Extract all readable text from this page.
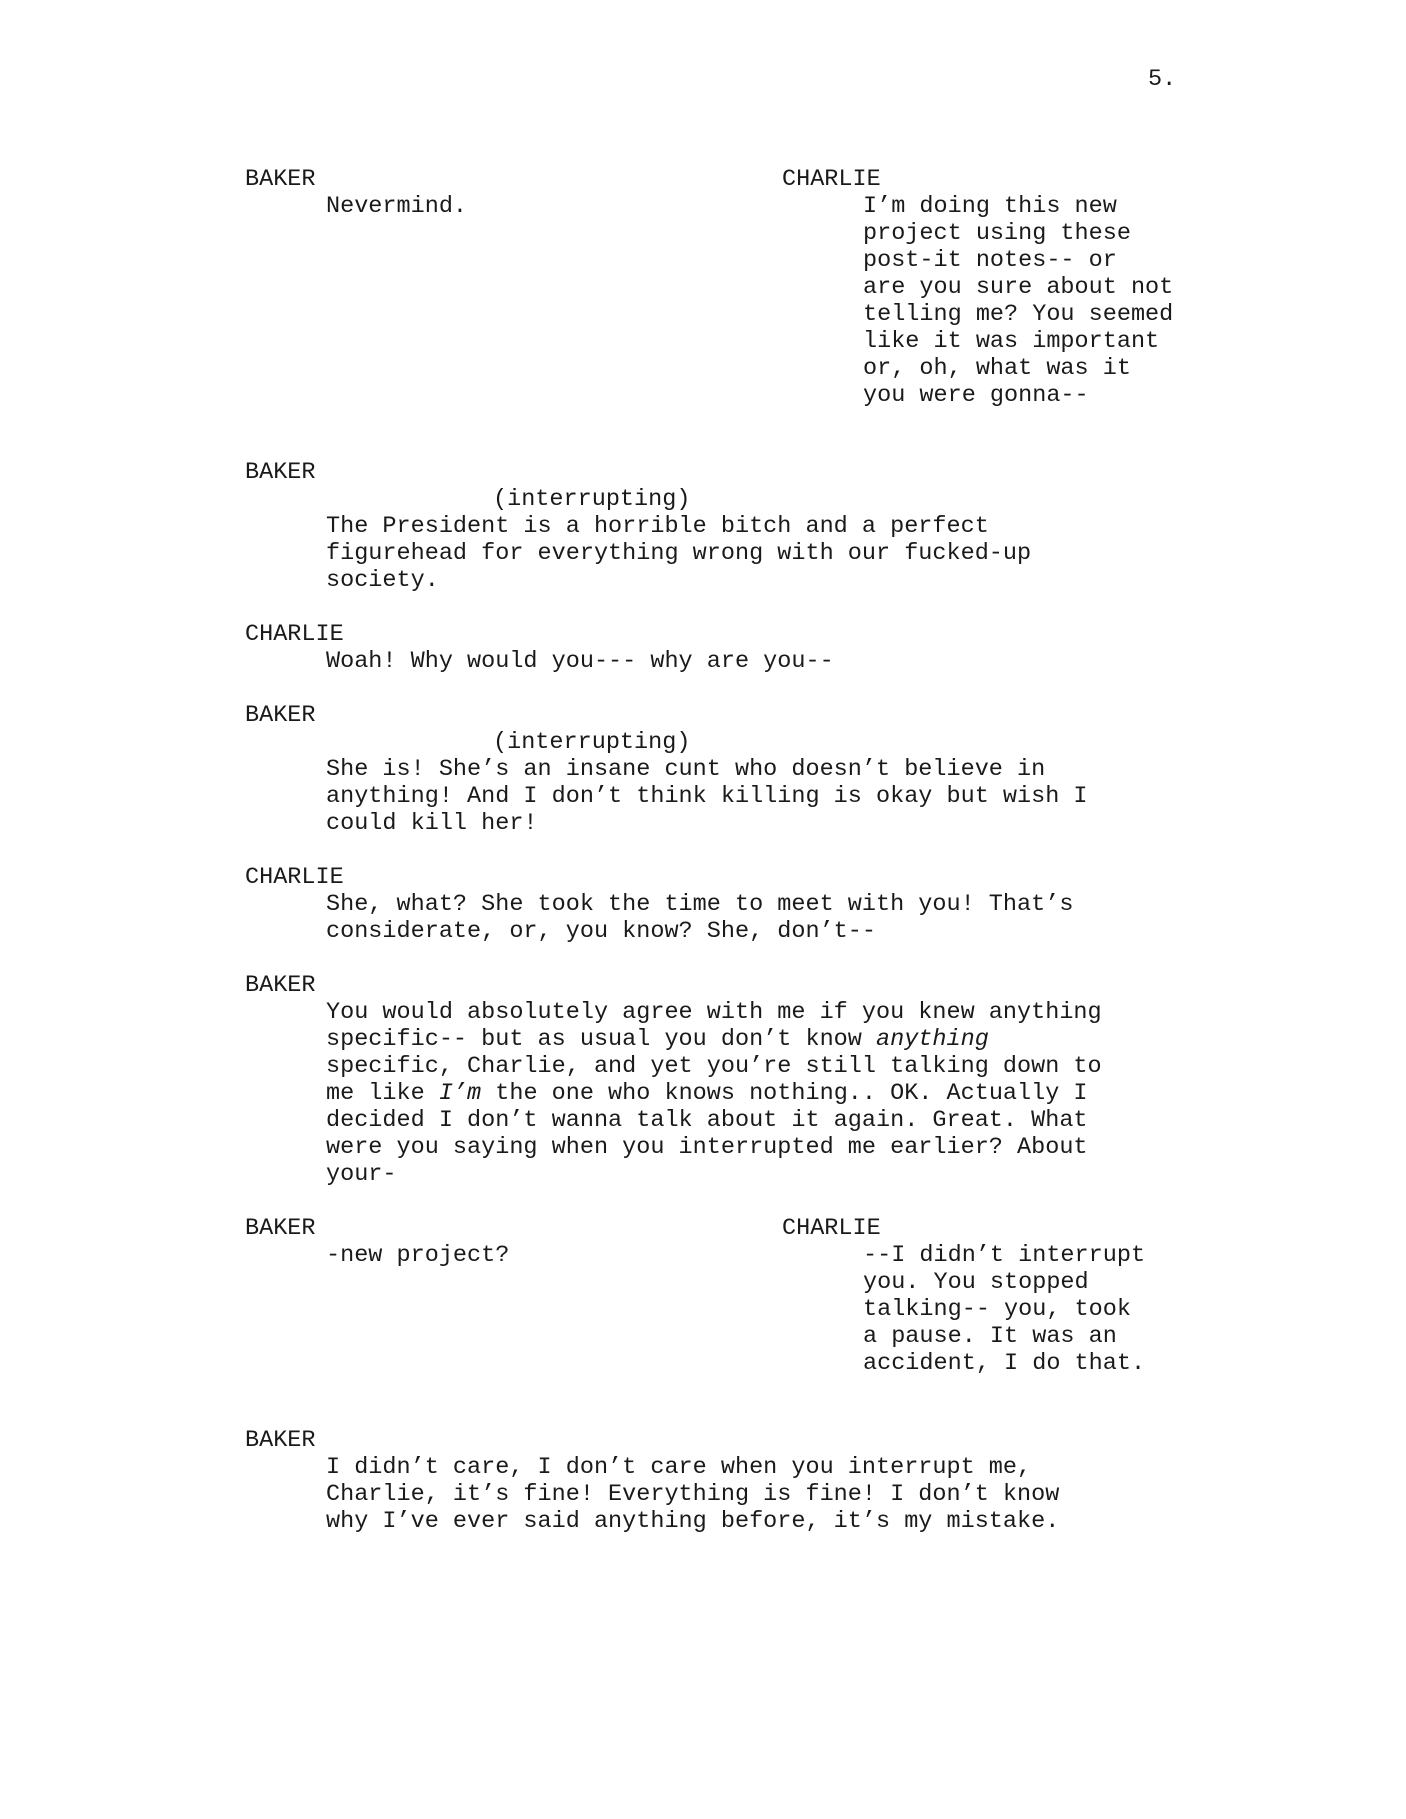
5.
BAKER
Nevermind.
CHARLIE
I’m doing this new
project using these
post-it notes-- or
are you sure about not
telling me? You seemed
like it was important
or, oh, what was it
you were gonna--
BAKER
(interrupting)
The President is a horrible bitch and a perfect
figurehead for everything wrong with our fucked-up
society.
CHARLIE
Woah! Why would you--- why are you--
BAKER
(interrupting)
She is! She’s an insane cunt who doesn’t believe in
anything! And I don’t think killing is okay but wish I
could kill her!
CHARLIE
She, what? She took the time to meet with you! That’s
considerate, or, you know? She, don’t--
BAKER
You would absolutely agree with me if you knew anything
specific-- but as usual you don’t know anything
specific, Charlie, and yet you’re still talking down to
me like I’m the one who knows nothing.. OK. Actually I
decided I don’t wanna talk about it again. Great. What
were you saying when you interrupted me earlier? About
your-
BAKER
-new project?
CHARLIE
--I didn’t interrupt
you. You stopped
talking-- you, took
a pause. It was an
accident, I do that.
BAKER
I didn’t care, I don’t care when you interrupt me,
Charlie, it’s fine! Everything is fine! I don’t know
why I’ve ever said anything before, it’s my mistake.
